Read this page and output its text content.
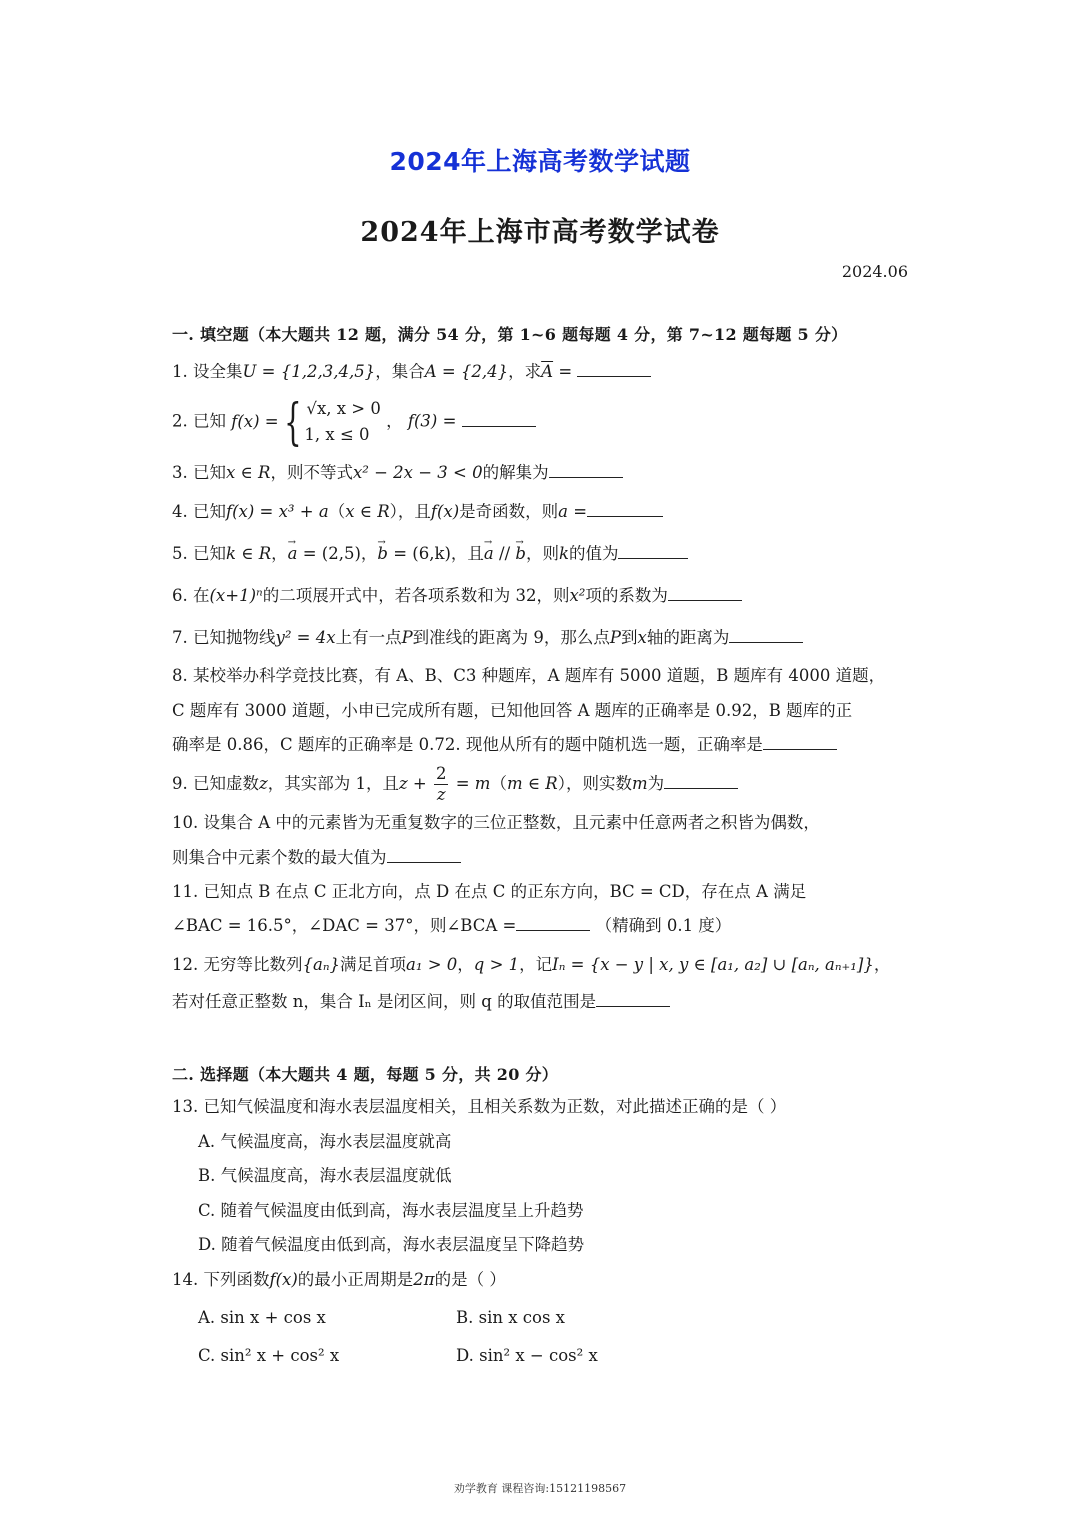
2024年上海高考数学试题
2024年上海市高考数学试卷
2024.06
一. 填空题（本大题共 12 题，满分 54 分，第 1~6 题每题 4 分，第 7~12 题每题 5 分）
1. 设全集U = {1,2,3,4,5}，集合A = {2,4}，求$\overline{A}$ =
2. 已知 f(x) = { √x, x > 0
1, x ≤ 0
， f(3) =
3. 已知x ∈ R，则不等式x² − 2x − 3 < 0的解集为
4. 已知f(x) = x³ + a（x ∈ R），且f(x)是奇函数，则a =
5. 已知k ∈ R，→ a = (2,5)，→ b = (6,k)，且→ a // → b，则k的值为
6. 在(x+1)ⁿ的二项展开式中，若各项系数和为 32，则x²项的系数为
7. 已知抛物线y² = 4x上有一点P到准线的距离为 9，那么点P到x轴的距离为
8. 某校举办科学竞技比赛，有 A、B、C3 种题库，A 题库有 5000 道题，B 题库有 4000 道题，
C 题库有 3000 道题，小申已完成所有题，已知他回答 A 题库的正确率是 0.92，B 题库的正
确率是 0.86，C 题库的正确率是 0.72. 现他从所有的题中随机选一题，正确率是
9. 已知虚数z，其实部为 1，且$z + \frac{2}{z} = m(m$ ∈ R），则实数m为
10. 设集合 A 中的元素皆为无重复数字的三位正整数，且元素中任意两者之积皆为偶数，
则集合中元素个数的最大值为
11. 已知点 B 在点 C 正北方向，点 D 在点 C 的正东方向，BC = CD，存在点 A 满足
∠BAC = 16.5°，∠DAC = 37°，则∠BCA =	（精确到 0.1 度）
12. 无穷等比数列{aₙ}满足首项a₁ > 0，q > 1，记Iₙ = {x − y | x, y ∈ [a₁, a₂] ∪ [aₙ, aₙ₊₁]}，
若对任意正整数 n，集合 Iₙ 是闭区间，则 q 的取值范围是
二. 选择题（本大题共 4 题，每题 5 分，共 20 分）
13. 已知气候温度和海水表层温度相关，且相关系数为正数，对此描述正确的是（ ）
A. 气候温度高，海水表层温度就高
B. 气候温度高，海水表层温度就低
C. 随着气候温度由低到高，海水表层温度呈上升趋势
D. 随着气候温度由低到高，海水表层温度呈下降趋势
14. 下列函数f(x)的最小正周期是2π的是（ ）
A. sin x + cos x	B. sin x cos x
C. sin² x + cos² x	D. sin² x − cos² x
劝学教育 课程咨询:15121198567
